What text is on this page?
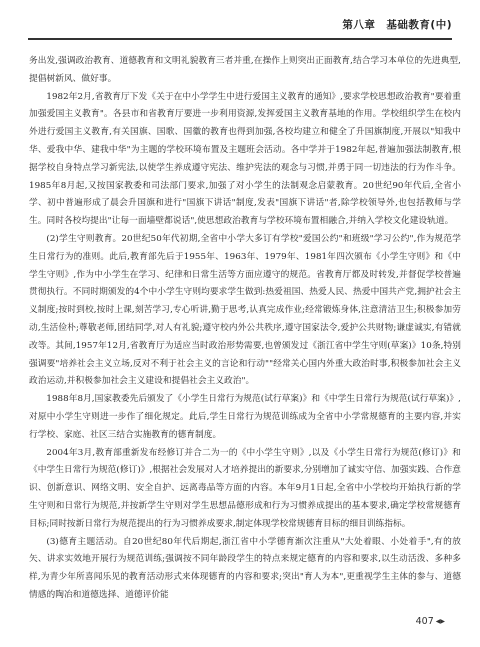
第八章　基础教育(中)

务出发,强调政治教育、道德教育和文明礼貌教育三者并重,在操作上则突出正面教育,结合学习本单位的先进典型,提倡树新风、做好事。

1982年2月,省教育厅下发《关于在中小学学生中进行爱国主义教育的通知》,要求学校思想政治教育"要着重加强爱国主义教育"。各县市和省教育厅要进一步利用资源,发挥爱国主义教育基地的作用。学校组织学生在校内外进行爱国主义教育,有关国旗、国歌、国徽的教育也得到加强,各校均建立和健全了升国旗制度,开展以"知我中华、爱我中华、建我中华"为主题的学校环境布置及主题班会活动。各中学并于1982年起,普遍加强法制教育,根据学校自身特点学习新宪法,以使学生养成遵守宪法、维护宪法的观念与习惯,并勇于同一切违法的行为作斗争。1985年8月起,又按国家教委和司法部门要求,加强了对小学生的法制观念启蒙教育。20世纪90年代后,全省小学、初中普遍形成了晨会升国旗和进行"国旗下讲话"制度,发表"国旗下讲话"者,除学校领导外,也包括教师与学生。同时各校均提出"让每一面墙壁都说话",使思想政治教育与学校环境布置相融合,并纳入学校文化建设轨道。

(2)学生守则教育。20世纪50年代初期,全省中小学大多订有学校"爱国公约"和班级"学习公约",作为规范学生日常行为的准则。此后,教育部先后于1955年、1963年、1979年、1981年四次颁布《小学生守则》和《中学生守则》,作为中小学生在学习、纪律和日常生活等方面应遵守的规范。省教育厅都及时转发,并督促学校普遍贯彻执行。不同时期颁发的4个中小学生守则均要求学生做到:热爱祖国、热爱人民、热爱中国共产党,拥护社会主义制度;按时到校,按时上课,刻苦学习,专心听讲,勤于思考,认真完成作业;经常锻炼身体,注意清洁卫生;积极参加劳动,生活俭朴;尊敬老师,团结同学,对人有礼貌;遵守校内外公共秩序,遵守国家法令,爱护公共财物;谦虚诚实,有错就改等。其间,1957年12月,省教育厅为适应当时政治形势需要,也曾颁发过《浙江省中学生守则(草案)》10条,特别强调要"培养社会主义立场,反对不利于社会主义的言论和行动""经常关心国内外重大政治时事,积极参加社会主义政治运动,并积极参加社会主义建设和提倡社会主义政治"。

1988年8月,国家教委先后颁发了《小学生日常行为规范(试行草案)》和《中学生日常行为规范(试行草案)》,对原中小学生守则进一步作了细化规定。此后,学生日常行为规范训练成为全省中小学常规德育的主要内容,并实行学校、家庭、社区三结合实施教育的德育制度。

2004年3月,教育部重新发布经修订并合二为一的《中小学生守则》,以及《小学生日常行为规范(修订)》和《中学生日常行为规范(修订)》,根据社会发展对人才培养提出的新要求,分别增加了诚实守信、加强实践、合作意识、创新意识、网络文明、安全自护、远离毒品等方面的内容。本年9月1日起,全省中小学校均开始执行新的学生守则和日常行为规范,并按新学生守则对学生思想品德形成和行为习惯养成提出的基本要求,确定学校常规德育目标;同时按新日常行为规范提出的行为习惯养成要求,制定体现学校常规德育目标的细目训练指标。

(3)德育主题活动。自20世纪80年代后期起,浙江省中小学德育渐次注重从"大处着眼、小处着手",有的放矢、讲求实效地开展行为规范训练;强调按不同年龄段学生的特点来规定德育的内容和要求,以生动活泼、多种多样,为青少年所喜闻乐见的教育活动形式来体现德育的内容和要求;突出"育人为本",更重视学生主体的参与、道德情感的陶冶和道德选择、道德评价能

407 ◀▶
